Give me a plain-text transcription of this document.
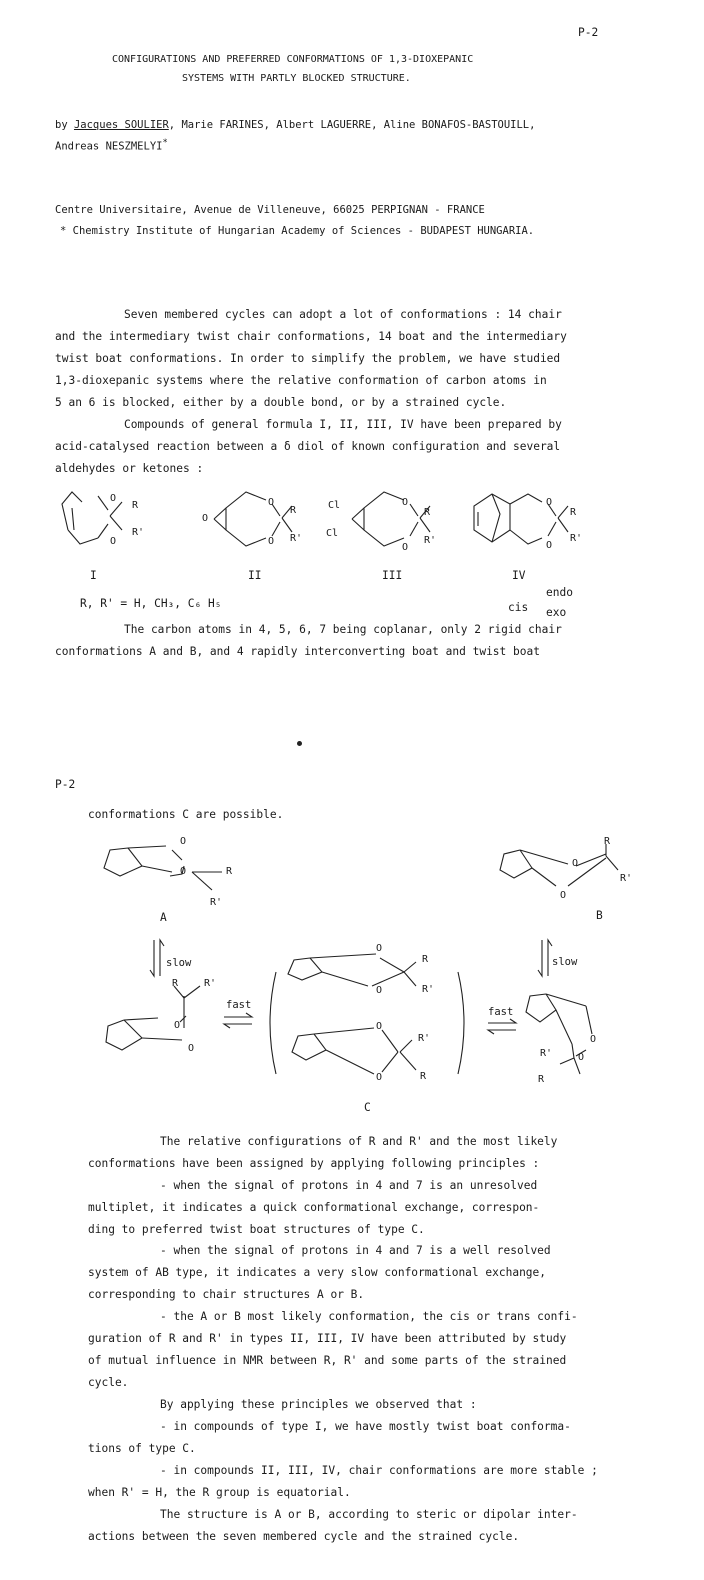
P-2
CONFIGURATIONS AND PREFERRED CONFORMATIONS OF 1,3-DIOXEPANIC
SYSTEMS WITH PARTLY BLOCKED STRUCTURE.
by Jacques SOULIER, Marie FARINES, Albert LAGUERRE, Aline BONAFOS-BASTOUILL,
Andreas NESZMELYI*
Centre Universitaire, Avenue de Villeneuve, 66025 PERPIGNAN - FRANCE
* Chemistry Institute of Hungarian Academy of Sciences - BUDAPEST HUNGARIA.
Seven membered cycles can adopt a lot of conformations : 14 chair
and the intermediary twist chair conformations, 14 boat and the intermediary
twist boat conformations. In order to simplify the problem, we have studied
1,3-dioxepanic systems where the relative conformation of carbon atoms in
5 an 6 is blocked, either by a double bond, or by a strained cycle.
Compounds of general formula I, II, III, IV have been prepared by
acid-catalysed reaction between a δ diol of known configuration and several
aldehydes or ketones :
O
O
R
R'
O
O
O
R
R'
Cl
Cl
O
O
R
R'
O
O
R
R'
I	II	III	IV
endo
R, R' = H, CH₃, C₆ H₅	cis exo
The carbon atoms in 4, 5, 6, 7 being coplanar, only 2 rigid chair
conformations A and B, and 4 rapidly interconverting boat and twist boat
P-2
conformations C are possible.
O
O	R
R'
A
R
R'
O
O
B
slow	slow
R	R'
O
O
fast
O
O
R
R'
O
O
R'
R
C
fast
O
O
R'
R
The relative configurations of R and R' and the most likely
conformations have been assigned by applying following principles :
- when the signal of protons in 4 and 7 is an unresolved
multiplet, it indicates a quick conformational exchange, correspon-
ding to preferred twist boat structures of type C.
- when the signal of protons in 4 and 7 is a well resolved
system of AB type, it indicates a very slow conformational exchange,
corresponding to chair structures A or B.
- the A or B most likely conformation, the cis or trans confi-
guration of R and R' in types II, III, IV have been attributed by study
of mutual influence in NMR between R, R' and some parts of the strained
cycle.
By applying these principles we observed that :
- in compounds of type I, we have mostly twist boat conforma-
tions of type C.
- in compounds II, III, IV, chair conformations are more stable ;
when R' = H, the R group is equatorial.
The structure is A or B, according to steric or dipolar inter-
actions between the seven membered cycle and the strained cycle.
